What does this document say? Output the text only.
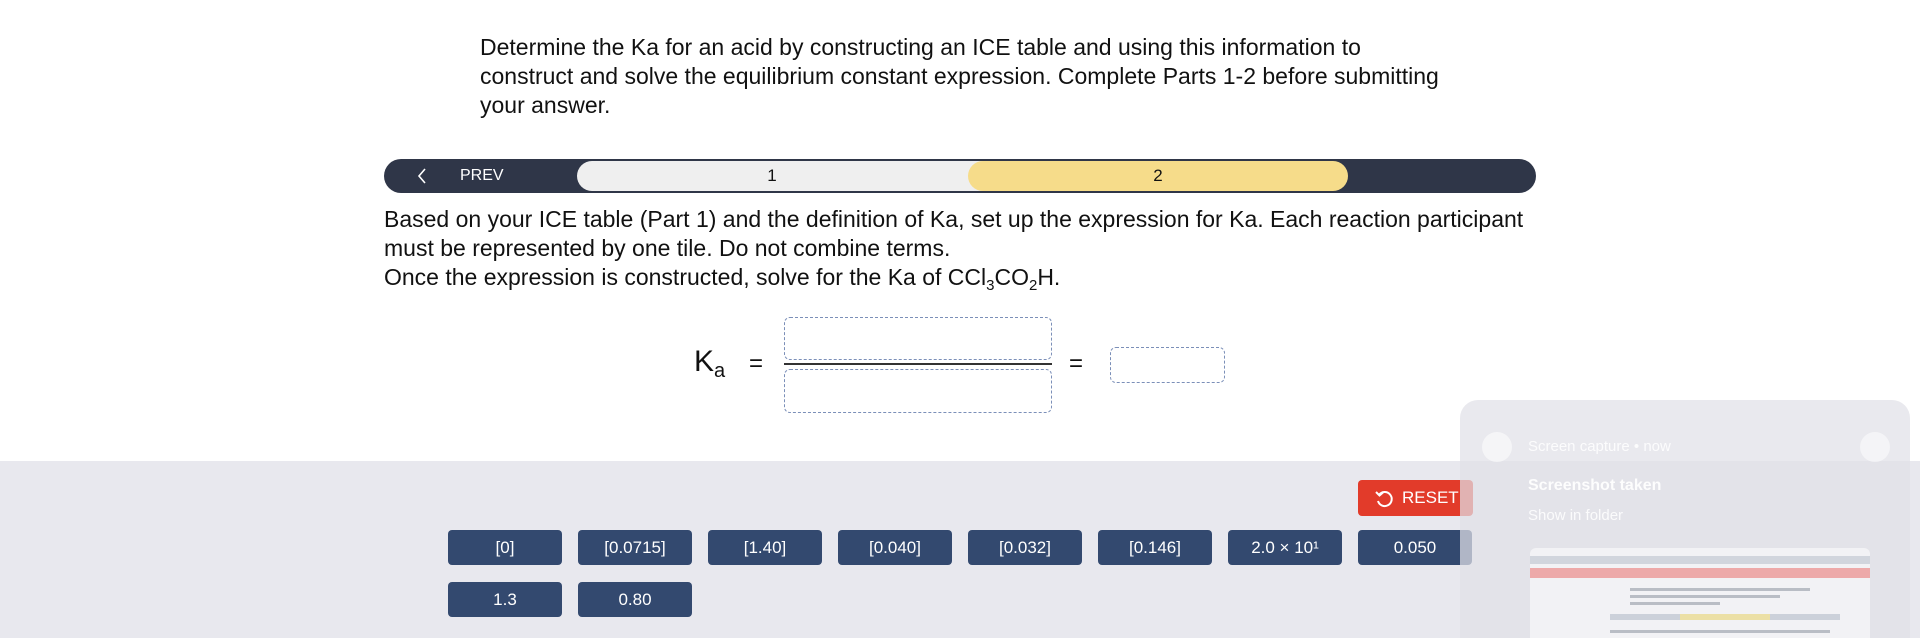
Determine the Ka for an acid by constructing an ICE table and using this information to construct and solve the equilibrium constant expression. Complete Parts 1-2 before submitting your answer.
PREV	1	2
Based on your ICE table (Part 1) and the definition of Ka, set up the expression for Ka. Each reaction participant must be represented by one tile. Do not combine terms.
Once the expression is constructed, solve for the Ka of $CCl_3CO_2H$.
$K_a$ =	=
RESET
[0]	[0.0715]	[1.40]	[0.040]	[0.032]	[0.146]	2.0 × 10¹	0.050
1.3	0.80
Screen capture • now
Screenshot taken
Show in folder
